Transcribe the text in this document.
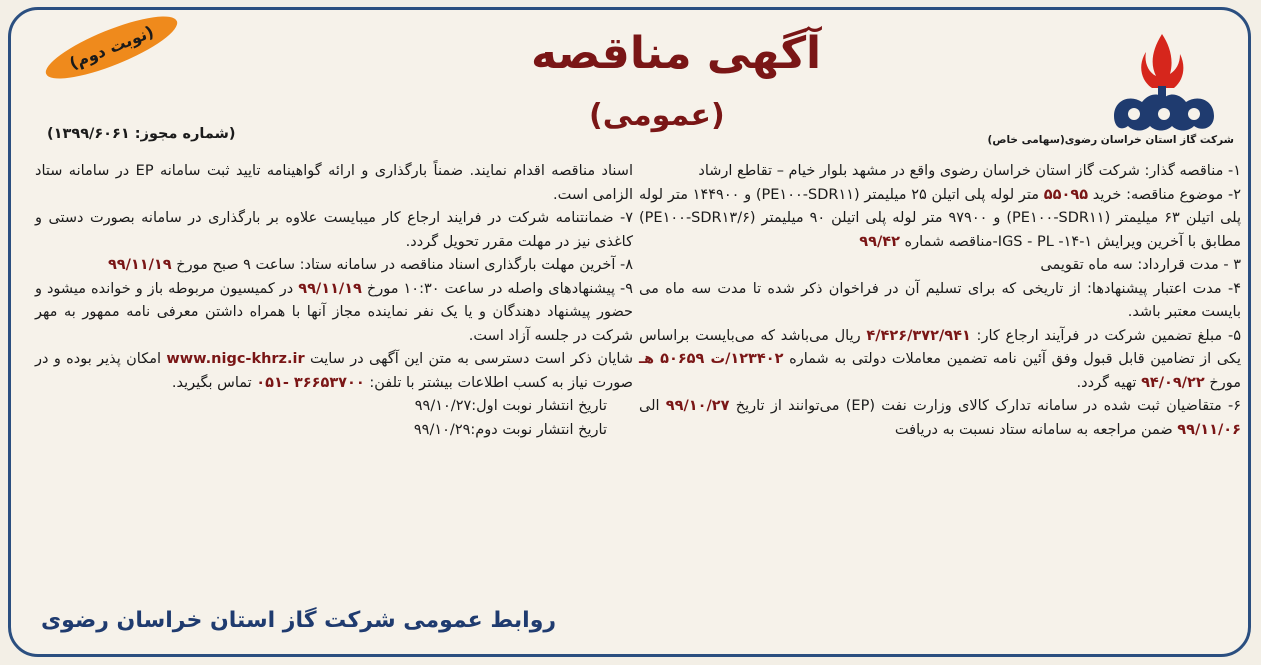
شرکت گاز استان خراسان رضوی(سهامی خاص)
آگهی مناقصه
(عمومی)
(نوبت دوم)
(شماره مجوز: ۱۳۹۹/۶۰۶۱)

۱- مناقصه گذار: شرکت گاز استان خراسان رضوی واقع در مشهد بلوار خیام – تقاطع ارشاد

۲- موضوع مناقصه: خرید ۵۵۰۹۵ متر لوله پلی اتیلن ۲۵ میلیمتر (PE۱۰۰-SDR۱۱) و ۱۴۴۹۰۰ متر لوله پلی اتیلن ۶۳ میلیمتر (PE۱۰۰-SDR۱۱) و ۹۷۹۰۰ متر لوله پلی اتیلن ۹۰ میلیمتر (PE۱۰۰-SDR۱۳/۶) مطابق با آخرین ویرایش IGS - PL -۱۴-۱-مناقصه شماره ۹۹/۴۲

۳ - مدت قرارداد: سه ماه تقویمی

۴- مدت اعتبار پیشنهادها: از تاریخی که برای تسلیم آن در فراخوان ذکر شده تا مدت سه ماه می بایست معتبر باشد.

۵- مبلغ تضمین شرکت در فرآیند ارجاع کار: ۴/۴۲۶/۳۷۲/۹۴۱ ریال می‌باشد که می‌بایست براساس یکی از تضامین قابل قبول وفق آئین نامه تضمین معاملات دولتی به شماره ۱۲۳۴۰۲/ت ۵۰۶۵۹ هـ مورخ ۹۴/۰۹/۲۲ تهیه گردد.

۶- متقاضیان ثبت شده در سامانه تدارک کالای وزارت نفت (EP) می‌توانند از تاریخ ۹۹/۱۰/۲۷ الی ۹۹/۱۱/۰۶ ضمن مراجعه به سامانه ستاد نسبت به دریافت

اسناد مناقصه اقدام نمایند. ضمناً بارگذاری و ارائه گواهینامه تایید ثبت سامانه EP در سامانه ستاد الزامی است.

۷- ضمانتنامه شرکت در فرایند ارجاع کار میبایست علاوه بر بارگذاری در سامانه بصورت دستی و کاغذی نیز در مهلت مقرر تحویل گردد.

۸- آخرین مهلت بارگذاری اسناد مناقصه در سامانه ستاد: ساعت ۹ صبح مورخ ۹۹/۱۱/۱۹

۹- پیشنهادهای واصله در ساعت ۱۰:۳۰ مورخ ۹۹/۱۱/۱۹ در کمیسیون مربوطه باز و خوانده میشود و حضور پیشنهاد دهندگان و یا یک نفر نماینده مجاز آنها با همراه داشتن معرفی نامه ممهور به مهر شرکت در جلسه آزاد است.

شایان ذکر است دسترسی به متن این آگهی در سایت www.nigc-khrz.ir امکان پذیر بوده و در صورت نیاز به کسب اطلاعات بیشتر با تلفن: ۳۶۶۵۳۷۰۰ -۰۵۱ تماس بگیرید.

تاریخ انتشار نوبت اول:۹۹/۱۰/۲۷

تاریخ انتشار نوبت دوم:۹۹/۱۰/۲۹

روابط عمومی شرکت گاز استان خراسان رضوی
